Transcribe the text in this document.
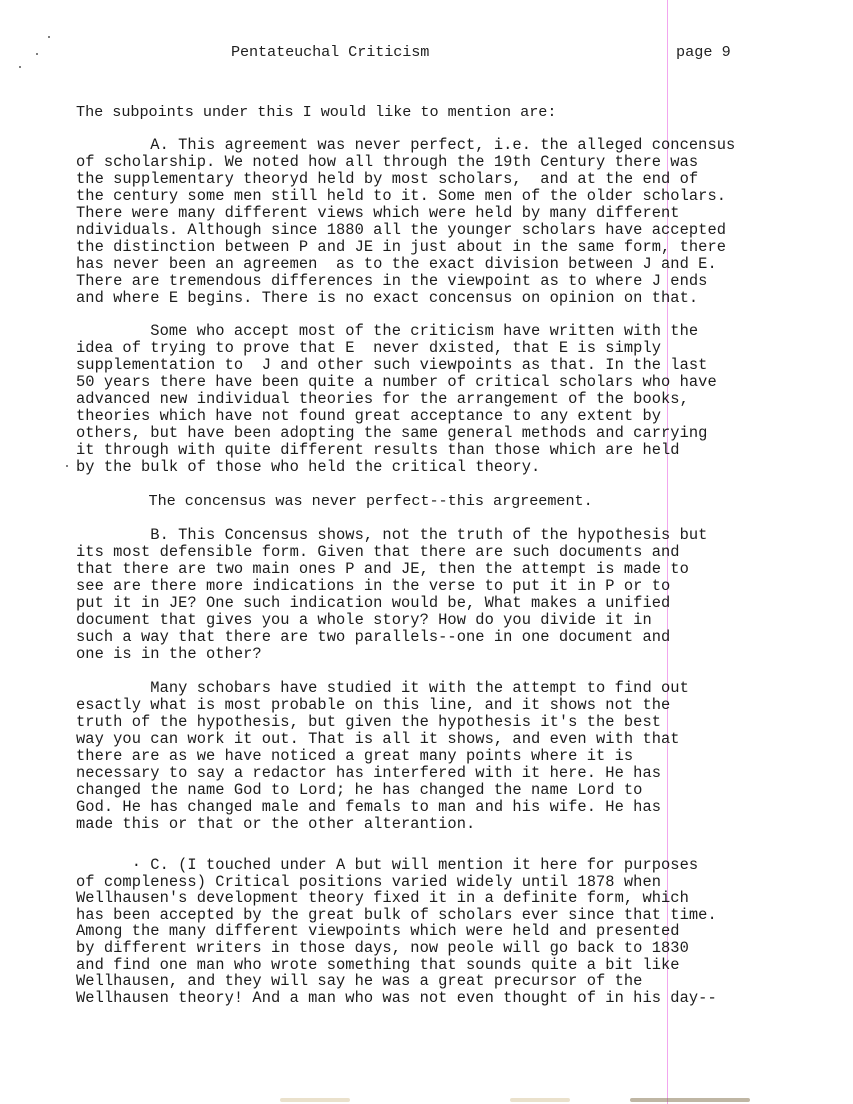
Pentateuchal Criticism	page 9
The subpoints under this I would like to mention are:
A. This agreement was never perfect, i.e. the alleged concensus
of scholarship. We noted how all through the 19th Century there was
the supplementary theoryd held by most scholars,  and at the end of
the century some men still held to it. Some men of the older scholars.
There were many different views which were held by many different
ndividuals. Although since 1880 all the younger scholars have accepted
the distinction between P and JE in just about in the same form, there
has never been an agreemen  as to the exact division between J and E.
There are tremendous differences in the viewpoint as to where J ends
and where E begins. There is no exact concensus on opinion on that.
Some who accept most of the criticism have written with the
idea of trying to prove that E  never dxisted, that E is simply
supplementation to  J and other such viewpoints as that. In the last
50 years there have been quite a number of critical scholars who have
advanced new individual theories for the arrangement of the books,
theories which have not found great acceptance to any extent by
others, but have been adopting the same general methods and carrying
it through with quite different results than those which are held
by the bulk of those who held the critical theory.
The concensus was never perfect--this argreement.
B. This Concensus shows, not the truth of the hypothesis but
its most defensible form. Given that there are such documents and
that there are two main ones P and JE, then the attempt is made to
see are there more indications in the verse to put it in P or to
put it in JE? One such indication would be, What makes a unified
document that gives you a whole story? How do you divide it in
such a way that there are two parallels--one in one document and
one is in the other?
Many schobars have studied it with the attempt to find out
esactly what is most probable on this line, and it shows not the
truth of the hypothesis, but given the hypothesis it's the best
way you can work it out. That is all it shows, and even with that
there are as we have noticed a great many points where it is
necessary to say a redactor has interfered with it here. He has
changed the name God to Lord; he has changed the name Lord to
God. He has changed male and femals to man and his wife. He has
made this or that or the other alterantion.
· C. (I touched under A but will mention it here for purposes
of compleness) Critical positions varied widely until 1878 when
Wellhausen's development theory fixed it in a definite form, which
has been accepted by the great bulk of scholars ever since that time.
Among the many different viewpoints which were held and presented
by different writers in those days, now peole will go back to 1830
and find one man who wrote something that sounds quite a bit like
Wellhausen, and they will say he was a great precursor of the
Wellhausen theory! And a man who was not even thought of in his day--
